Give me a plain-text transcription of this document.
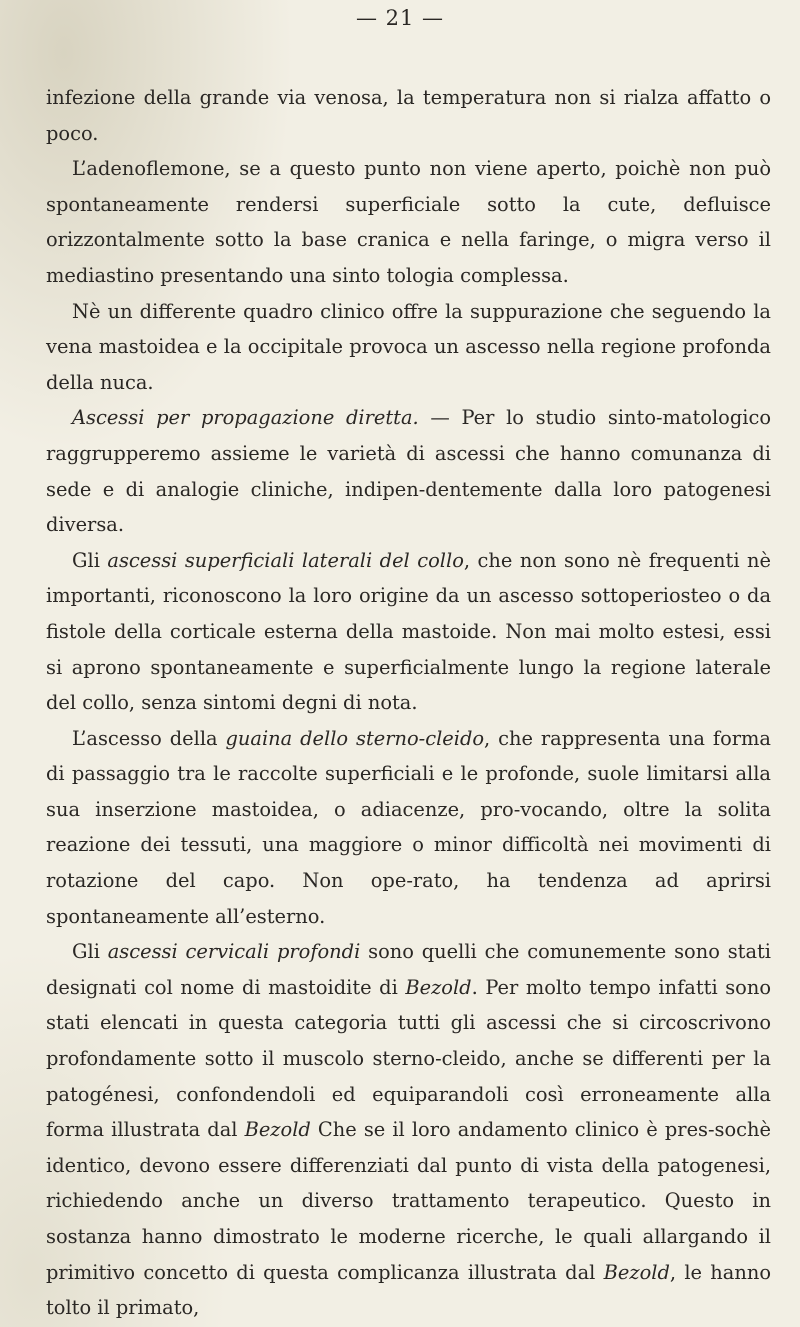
— 21 —

infezione della grande via venosa, la temperatura non si rialza affatto o poco.

L’adenoflemone, se a questo punto non viene aperto, poichè non può spontaneamente rendersi superficiale sotto la cute, defluisce orizzontalmente sotto la base cranica e nella faringe, o migra verso il mediastino presentando una sinto tologia complessa.

Nè un differente quadro clinico offre la suppurazione che seguendo la vena mastoidea e la occipitale provoca un ascesso nella regione profonda della nuca.

Ascessi per propagazione diretta. — Per lo studio sinto-matologico raggrupperemo assieme le varietà di ascessi che hanno comunanza di sede e di analogie cliniche, indipen-dentemente dalla loro patogenesi diversa.

Gli ascessi superficiali laterali del collo, che non sono nè frequenti nè importanti, riconoscono la loro origine da un ascesso sottoperiosteo o da fistole della corticale esterna della mastoide. Non mai molto estesi, essi si aprono spontaneamente e superficialmente lungo la regione laterale del collo, senza sintomi degni di nota.

L’ascesso della guaina dello sterno-cleido, che rappresenta una forma di passaggio tra le raccolte superficiali e le profonde, suole limitarsi alla sua inserzione mastoidea, o adiacenze, pro-vocando, oltre la solita reazione dei tessuti, una maggiore o minor difficoltà nei movimenti di rotazione del capo. Non ope-rato, ha tendenza ad aprirsi spontaneamente all’esterno.

Gli ascessi cervicali profondi sono quelli che comunemente sono stati designati col nome di mastoidite di Bezold. Per molto tempo infatti sono stati elencati in questa categoria tutti gli ascessi che si circoscrivono profondamente sotto il muscolo sterno-cleido, anche se differenti per la patogénesi, confondendoli ed equiparandoli così erroneamente alla forma illustrata dal Bezold Che se il loro andamento clinico è pres-sochè identico, devono essere differenziati dal punto di vista della patogenesi, richiedendo anche un diverso trattamento terapeutico. Questo in sostanza hanno dimostrato le moderne ricerche, le quali allargando il primitivo concetto di questa complicanza illustrata dal Bezold, le hanno tolto il primato,
